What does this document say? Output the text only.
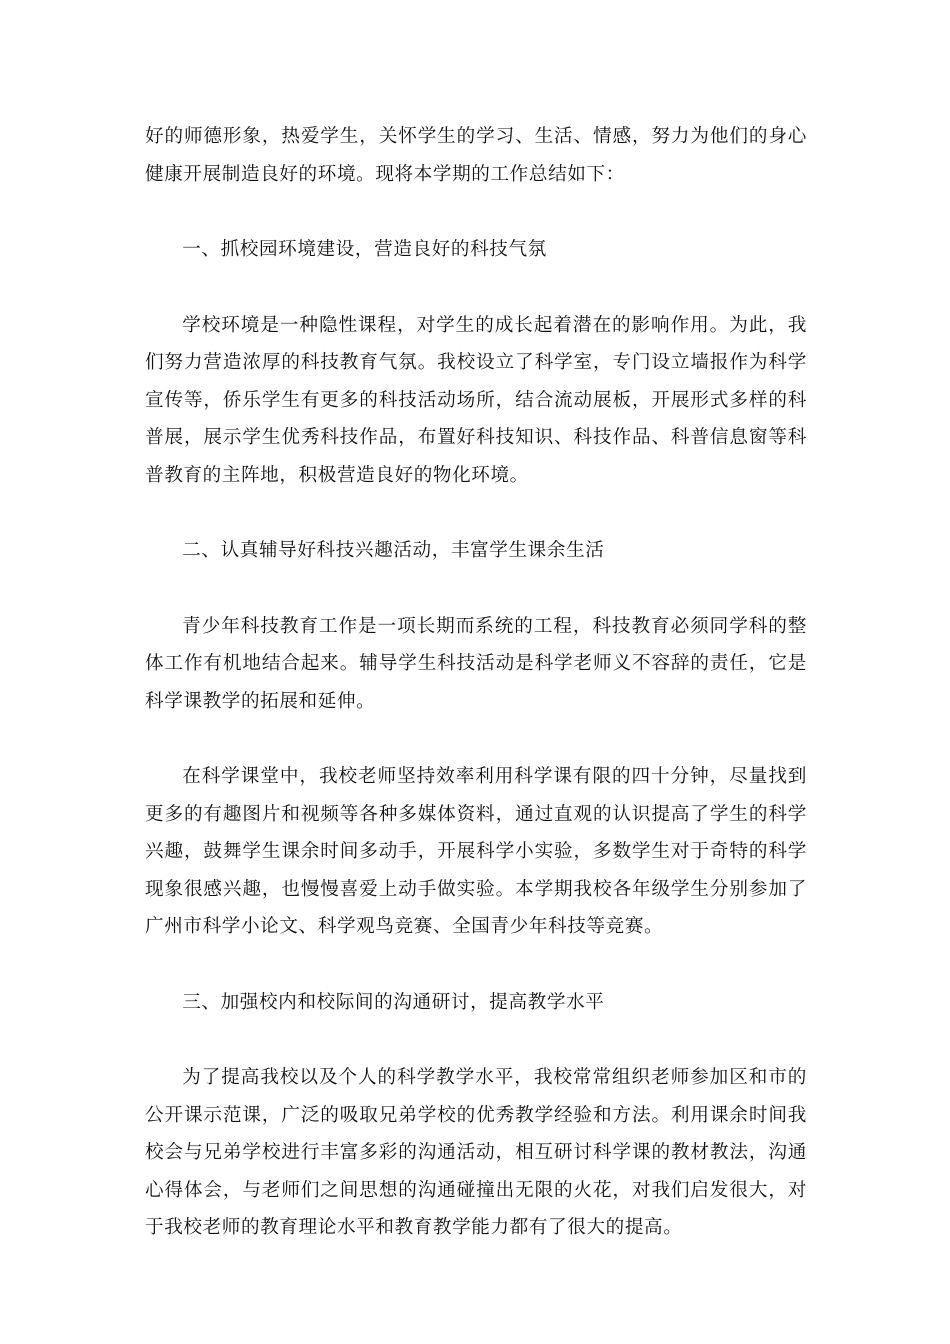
好的师德形象，热爱学生，关怀学生的学习、生活、情感，努力为他们的身心健康开展制造良好的环境。现将本学期的工作总结如下：

一、抓校园环境建设，营造良好的科技气氛

学校环境是一种隐性课程，对学生的成长起着潜在的影响作用。为此，我们努力营造浓厚的科技教育气氛。我校设立了科学室，专门设立墙报作为科学宣传等，侨乐学生有更多的科技活动场所，结合流动展板，开展形式多样的科普展，展示学生优秀科技作品，布置好科技知识、科技作品、科普信息窗等科普教育的主阵地，积极营造良好的物化环境。

二、认真辅导好科技兴趣活动，丰富学生课余生活

青少年科技教育工作是一项长期而系统的工程，科技教育必须同学科的整体工作有机地结合起来。辅导学生科技活动是科学老师义不容辞的责任，它是科学课教学的拓展和延伸。

在科学课堂中，我校老师坚持效率利用科学课有限的四十分钟，尽量找到更多的有趣图片和视频等各种多媒体资料，通过直观的认识提高了学生的科学兴趣，鼓舞学生课余时间多动手，开展科学小实验，多数学生对于奇特的科学现象很感兴趣，也慢慢喜爱上动手做实验。本学期我校各年级学生分别参加了广州市科学小论文、科学观鸟竞赛、全国青少年科技等竞赛。

三、加强校内和校际间的沟通研讨，提高教学水平

为了提高我校以及个人的科学教学水平，我校常常组织老师参加区和市的公开课示范课，广泛的吸取兄弟学校的优秀教学经验和方法。利用课余时间我校会与兄弟学校进行丰富多彩的沟通活动，相互研讨科学课的教材教法，沟通心得体会，与老师们之间思想的沟通碰撞出无限的火花，对我们启发很大，对于我校老师的教育理论水平和教育教学能力都有了很大的提高。
